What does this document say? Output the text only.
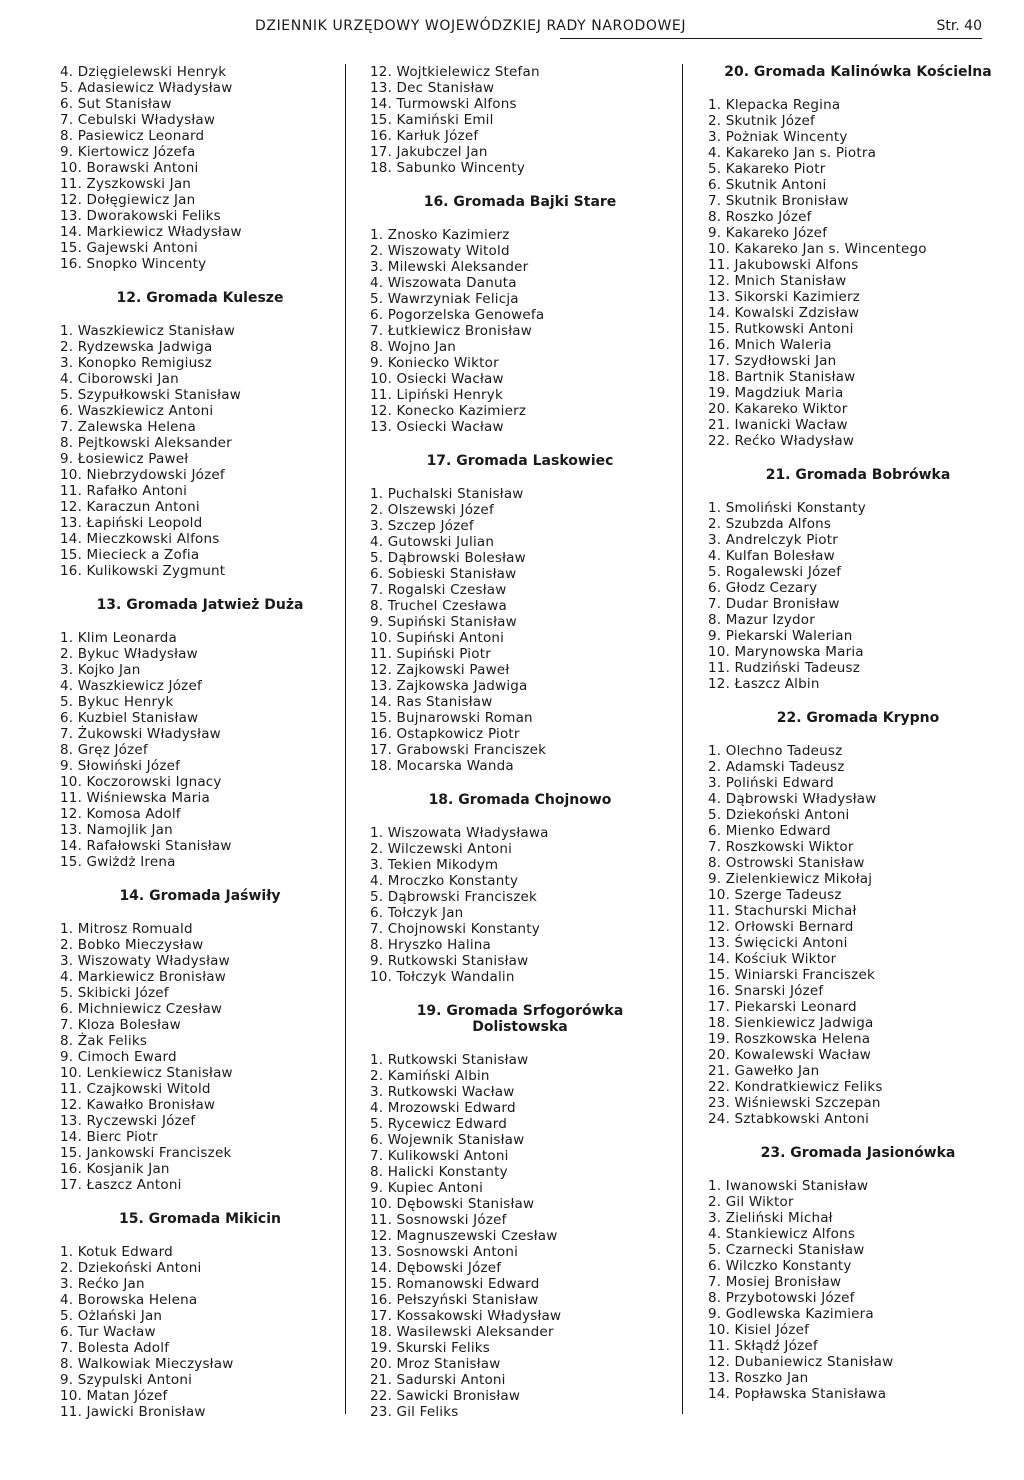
DZIENNIK URZĘDOWY WOJEWÓDZKIEJ RADY NARODOWEJ	Str. 40
4. Dzięgielewski Henryk
5. Adasiewicz Władysław
6. Sut Stanisław
7. Cebulski Władysław
8. Pasiewicz Leonard
9. Kiertowicz Józefa
10. Borawski Antoni
11. Zyszkowski Jan
12. Dołęgiewicz Jan
13. Dworakowski Feliks
14. Markiewicz Władysław
15. Gajewski Antoni
16. Snopko Wincenty
12. Gromada Kulesze
1. Waszkiewicz Stanisław
2. Rydzewska Jadwiga
3. Konopko Remigiusz
4. Ciborowski Jan
5. Szypułkowski Stanisław
6. Waszkiewicz Antoni
7. Zalewska Helena
8. Pejtkowski Aleksander
9. Łosiewicz Paweł
10. Niebrzydowski Józef
11. Rafałko Antoni
12. Karaczun Antoni
13. Łapiński Leopold
14. Mieczkowski Alfons
15. Miecieck a Zofia
16. Kulikowski Zygmunt
13. Gromada Jatwież Duża
1. Klim Leonarda
2. Bykuc Władysław
3. Kojko Jan
4. Waszkiewicz Józef
5. Bykuc Henryk
6. Kuzbiel Stanisław
7. Żukowski Władysław
8. Gręz Józef
9. Słowiński Józef
10. Koczorowski Ignacy
11. Wiśniewska Maria
12. Komosa Adolf
13. Namojlik Jan
14. Rafałowski Stanisław
15. Gwiżdż Irena
14. Gromada Jaświły
1. Mitrosz Romuald
2. Bobko Mieczysław
3. Wiszowaty Władysław
4. Markiewicz Bronisław
5. Skibicki Józef
6. Michniewicz Czesław
7. Kloza Bolesław
8. Żak Feliks
9. Cimoch Eward
10. Lenkiewicz Stanisław
11. Czajkowski Witold
12. Kawałko Bronisław
13. Ryczewski Józef
14. Bierc Piotr
15. Jankowski Franciszek
16. Kosjanik Jan
17. Łaszcz Antoni
15. Gromada Mikicin
1. Kotuk Edward
2. Dziekoński Antoni
3. Rećko Jan
4. Borowska Helena
5. Ożlański Jan
6. Tur Wacław
7. Bolesta Adolf
8. Walkowiak Mieczysław
9. Szypulski Antoni
10. Matan Józef
11. Jawicki Bronisław
12. Wojtkielewicz Stefan
13. Dec Stanisław
14. Turmowski Alfons
15. Kamiński Emil
16. Karłuk Józef
17. Jakubczel Jan
18. Sabunko Wincenty
16. Gromada Bajki Stare
1. Znosko Kazimierz
2. Wiszowaty Witold
3. Milewski Aleksander
4. Wiszowata Danuta
5. Wawrzyniak Felicja
6. Pogorzelska Genowefa
7. Łutkiewicz Bronisław
8. Wojno Jan
9. Koniecko Wiktor
10. Osiecki Wacław
11. Lipiński Henryk
12. Konecko Kazimierz
13. Osiecki Wacław
17. Gromada Laskowiec
1. Puchalski Stanisław
2. Olszewski Józef
3. Szczep Józef
4. Gutowski Julian
5. Dąbrowski Bolesław
6. Sobieski Stanisław
7. Rogalski Czesław
8. Truchel Czesława
9. Supiński Stanisław
10. Supiński Antoni
11. Supiński Piotr
12. Zajkowski Paweł
13. Zajkowska Jadwiga
14. Ras Stanisław
15. Bujnarowski Roman
16. Ostapkowicz Piotr
17. Grabowski Franciszek
18. Mocarska Wanda
18. Gromada Chojnowo
1. Wiszowata Władysława
2. Wilczewski Antoni
3. Tekien Mikodym
4. Mroczko Konstanty
5. Dąbrowski Franciszek
6. Tołczyk Jan
7. Chojnowski Konstanty
8. Hryszko Halina
9. Rutkowski Stanisław
10. Tołczyk Wandalin
19. Gromada Srfogorówka
Dolistowska
1. Rutkowski Stanisław
2. Kamiński Albin
3. Rutkowski Wacław
4. Mrozowski Edward
5. Rycewicz Edward
6. Wojewnik Stanisław
7. Kulikowski Antoni
8. Halicki Konstanty
9. Kupiec Antoni
10. Dębowski Stanisław
11. Sosnowski Józef
12. Magnuszewski Czesław
13. Sosnowski Antoni
14. Dębowski Józef
15. Romanowski Edward
16. Pełszyński Stanisław
17. Kossakowski Władysław
18. Wasilewski Aleksander
19. Skurski Feliks
20. Mroz Stanisław
21. Sadurski Antoni
22. Sawicki Bronisław
23. Gil Feliks
20. Gromada Kalinówka Kościelna
1. Klepacka Regina
2. Skutnik Józef
3. Pożniak Wincenty
4. Kakareko Jan s. Piotra
5. Kakareko Piotr
6. Skutnik Antoni
7. Skutnik Bronisław
8. Roszko Józef
9. Kakareko Józef
10. Kakareko Jan s. Wincentego
11. Jakubowski Alfons
12. Mnich Stanisław
13. Sikorski Kazimierz
14. Kowalski Zdzisław
15. Rutkowski Antoni
16. Mnich Waleria
17. Szydłowski Jan
18. Bartnik Stanisław
19. Magdziuk Maria
20. Kakareko Wiktor
21. Iwanicki Wacław
22. Rećko Władysław
21. Gromada Bobrówka
1. Smoliński Konstanty
2. Szubzda Alfons
3. Andrelczyk Piotr
4. Kulfan Bolesław
5. Rogalewski Józef
6. Głodz Cezary
7. Dudar Bronisław
8. Mazur Izydor
9. Piekarski Walerian
10. Marynowska Maria
11. Rudziński Tadeusz
12. Łaszcz Albin
22. Gromada Krypno
1. Olechno Tadeusz
2. Adamski Tadeusz
3. Poliński Edward
4. Dąbrowski Władysław
5. Dziekoński Antoni
6. Mienko Edward
7. Roszkowski Wiktor
8. Ostrowski Stanisław
9. Zielenkiewicz Mikołaj
10. Szerge Tadeusz
11. Stachurski Michał
12. Orłowski Bernard
13. Święcicki Antoni
14. Kościuk Wiktor
15. Winiarski Franciszek
16. Snarski Józef
17. Piekarski Leonard
18. Sienkiewicz Jadwiga
19. Roszkowska Helena
20. Kowalewski Wacław
21. Gawełko Jan
22. Kondratkiewicz Feliks
23. Wiśniewski Szczepan
24. Sztabkowski Antoni
23. Gromada Jasionówka
1. Iwanowski Stanisław
2. Gil Wiktor
3. Zieliński Michał
4. Stankiewicz Alfons
5. Czarnecki Stanisław
6. Wilczko Konstanty
7. Mosiej Bronisław
8. Przybotowski Józef
9. Godlewska Kazimiera
10. Kisiel Józef
11. Skłądź Józef
12. Dubaniewicz Stanisław
13. Roszko Jan
14. Popławska Stanisława
